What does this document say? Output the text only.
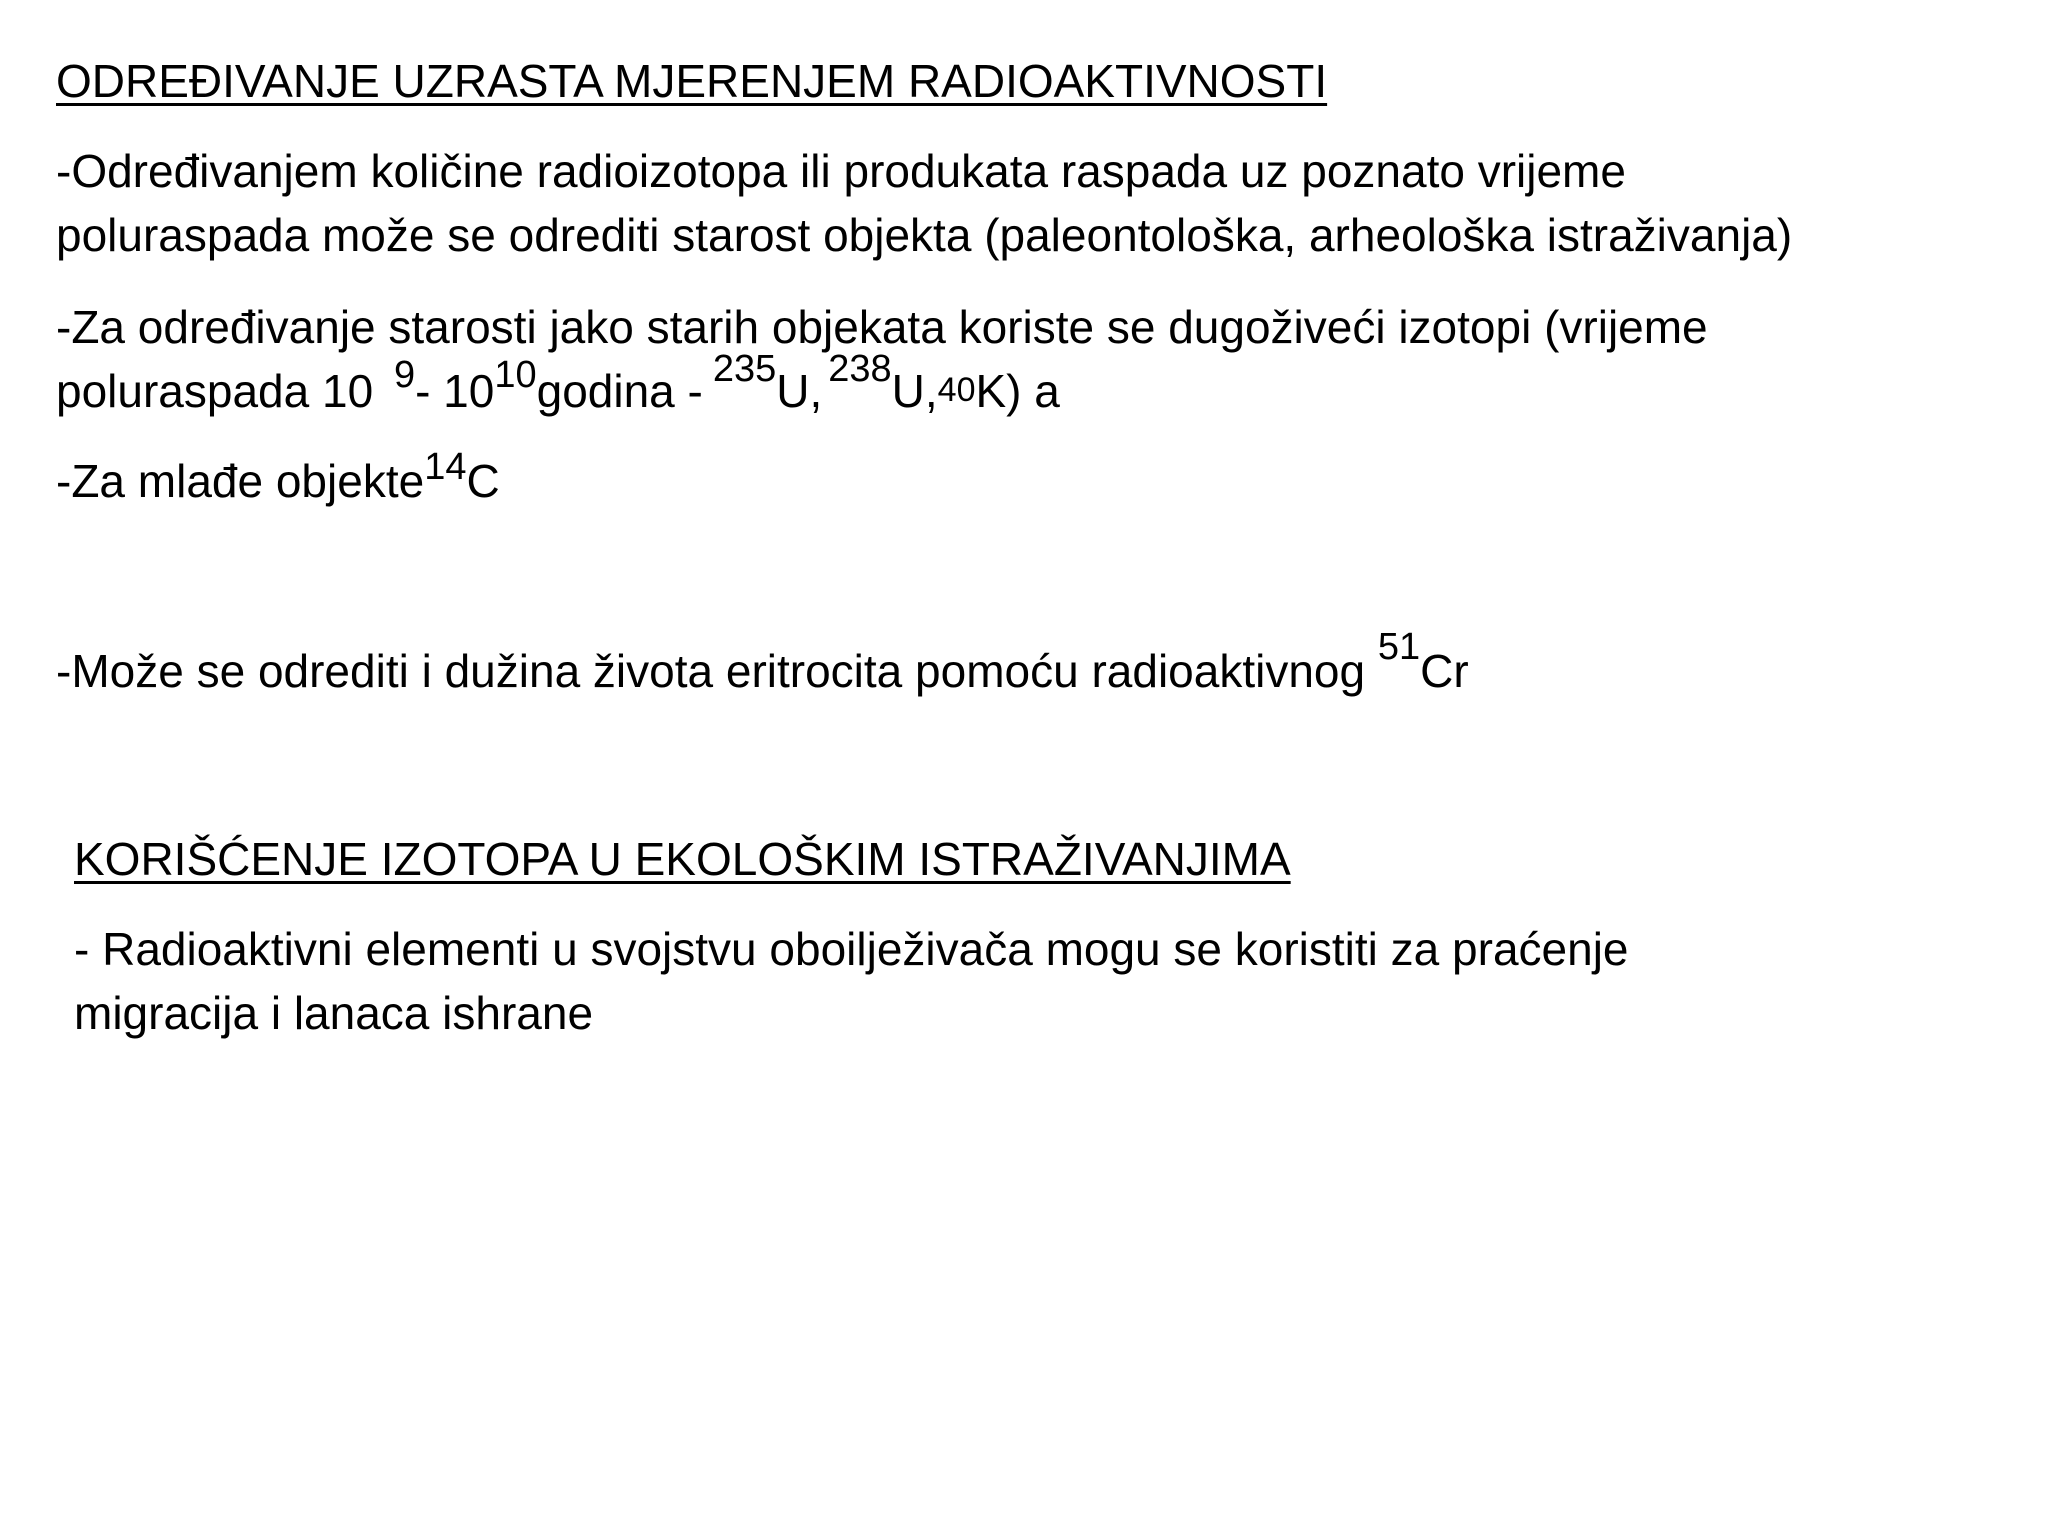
ODREĐIVANJE UZRASTA MJERENJEM RADIOAKTIVNOSTI

-Određivanjem količine radioizotopa ili produkata raspada uz poznato vrijeme

poluraspada može se odrediti starost objekta (paleontološka, arheološka istraživanja)

-Za određivanje starosti jako starih objekata koriste se dugoživeći izotopi (vrijeme

poluraspada 10 9- 1010godina - 235U, 238U,40K) a

-Za mlađe objekte14C

-Može se odrediti i dužina života eritrocita pomoću radioaktivnog 51Cr

KORIŠĆENJE IZOTOPA U EKOLOŠKIM ISTRAŽIVANJIMA

- Radioaktivni elementi u svojstvu oboilježivača mogu se koristiti za praćenje

migracija i lanaca ishrane
